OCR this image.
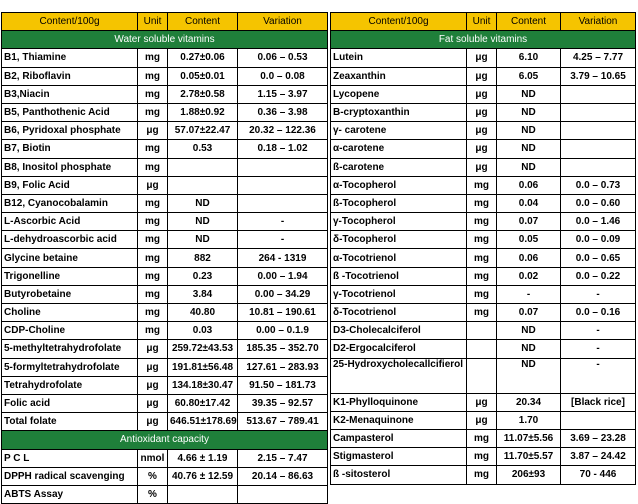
Content/100g	Unit	Content	Variation
Water soluble vitamins			
B1, Thiamine	mg	0.27±0.06	0.06 – 0.53
B2, Riboflavin	mg	0.05±0.01	0.0 – 0.08
B3,Niacin	mg	2.78±0.58	1.15 – 3.97
B5, Panthothenic Acid	mg	1.88±0.92	0.36 – 3.98
B6, Pyridoxal phosphate	μg	57.07±22.47	20.32 – 122.36
B7, Biotin	mg	0.53	0.18 – 1.02
B8, Inositol phosphate	mg		
B9, Folic Acid	μg		
B12, Cyanocobalamin	mg	ND	
L-Ascorbic Acid	mg	ND	-
L-dehydroascorbic acid	mg	ND	-
Glycine betaine	mg	882	264 - 1319
Trigonelline	mg	0.23	0.00 – 1.94
Butyrobetaine	mg	3.84	0.00 – 34.29
Choline	mg	40.80	10.81 – 190.61
CDP-Choline	mg	0.03	0.00 – 0.1.9
5-methyltetrahydrofolate	μg	259.72±43.53	185.35 – 352.70
5-formyltetrahydrofolate	μg	191.81±56.48	127.61 – 283.93
Tetrahydrofolate	μg	134.18±30.47	91.50 – 181.73
Folic acid	μg	60.80±17.42	39.35 – 92.57
Total folate	μg	646.51±178.69	513.67 – 789.41
Antioxidant capacity			
P C L	nmol	4.66 ± 1.19	2.15 – 7.47
DPPH radical scavenging	%	40.76 ± 12.59	20.14 – 86.63
ABTS Assay	%		
Content/100g	Unit	Content	Variation
Fat soluble vitamins			
Lutein	μg	6.10	4.25 – 7.77
Zeaxanthin	μg	6.05	3.79 – 10.65
Lycopene	μg	ND	
B-cryptoxanthin	μg	ND	
γ- carotene	μg	ND	
α-carotene	μg	ND	
ß-carotene	μg	ND	
α-Tocopherol	mg	0.06	0.0 – 0.73
ß-Tocopherol	mg	0.04	0.0 – 0.60
γ-Tocopherol	mg	0.07	0.0 – 1.46
δ-Tocopherol	mg	0.05	0.0 – 0.09
α-Tocotrienol	mg	0.06	0.0 – 0.65
ß -Tocotrienol	mg	0.02	0.0 – 0.22
γ-Tocotrienol	mg	-	-
δ-Tocotrienol	mg	0.07	0.0 – 0.16
D3-Cholecalciferol		ND	-
D2-Ergocalciferol		ND	-
25-Hydroxycholecallcifierol		ND	-
K1-Phylloquinone	μg	20.34	[Black rice]
K2-Menaquinone	μg	1.70	
Campasterol	mg	11.07±5.56	3.69 – 23.28
Stigmasterol	mg	11.70±5.57	3.87 – 24.42
ß -sitosterol	mg	206±93	70 - 446
